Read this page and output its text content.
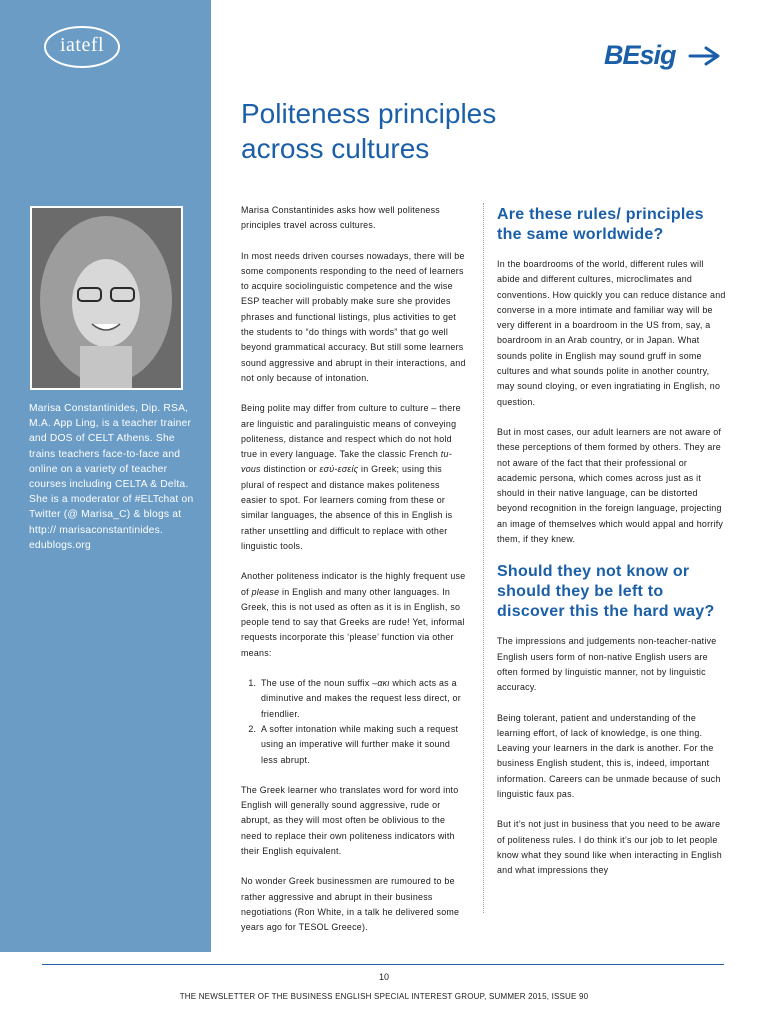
iatefl
Marisa Constantinides, Dip. RSA, M.A. App Ling, is a teacher trainer and DOS of CELT Athens. She trains teachers face-to-face and online on a variety of teacher courses including CELTA & Delta. She is a moderator of #ELTchat on Twitter (@ Marisa_C) & blogs at http:// marisaconstantinides. edublogs.org
BEsig
Politeness principles
across cultures

Marisa Constantinides asks how well politeness principles travel across cultures.

In most needs driven courses nowadays, there will be some components responding to the need of learners to acquire sociolinguistic competence and the wise ESP teacher will probably make sure she provides phrases and functional listings, plus activities to get the students to “do things with words” that go well beyond grammatical accuracy. But still some learners sound aggressive and abrupt in their interactions, and not only because of intonation.

Being polite may differ from culture to culture – there are linguistic and paralinguistic means of conveying politeness, distance and respect which do not hold true in every language. Take the classic French tu-vous distinction or εσύ-εσείς in Greek; using this plural of respect and distance makes politeness easier to spot. For learners coming from these or similar languages, the absence of this in English is rather unsettling and difficult to replace with other linguistic tools.

Another politeness indicator is the highly frequent use of please in English and many other languages. In Greek, this is not used as often as it is in English, so people tend to say that Greeks are rude! Yet, informal requests incorporate this ‘please’ function via other means:

1. The use of the noun suffix –ακι which acts as a diminutive and makes the request less direct, or friendlier.
2. A softer intonation while making such a request using an imperative will further make it sound less abrupt.

The Greek learner who translates word for word into English will generally sound aggressive, rude or abrupt, as they will most often be oblivious to the need to replace their own politeness indicators with their English equivalent.

No wonder Greek businessmen are rumoured to be rather aggressive and abrupt in their business negotiations (Ron White, in a talk he delivered some years ago for TESOL Greece).

Are these rules/ principles the same worldwide?

In the boardrooms of the world, different rules will abide and different cultures, microclimates and conventions. How quickly you can reduce distance and converse in a more intimate and familiar way will be very different in a boardroom in the US from, say, a boardroom in an Arab country, or in Japan. What sounds polite in English may sound gruff in some cultures and what sounds polite in another country, may sound cloying, or even ingratiating in English, no question.

But in most cases, our adult learners are not aware of these perceptions of them formed by others. They are not aware of the fact that their professional or academic persona, which comes across just as it should in their native language, can be distorted beyond recognition in the foreign language, projecting an image of themselves which would appal and horrify them, if they knew.

Should they not know or should they be left to discover this the hard way?

The impressions and judgements non-teacher-native English users form of non-native English users are often formed by linguistic manner, not by linguistic accuracy.

Being tolerant, patient and understanding of the learning effort, of lack of knowledge, is one thing. Leaving your learners in the dark is another. For the business English student, this is, indeed, important information. Careers can be unmade because of such linguistic faux pas.

But it’s not just in business that you need to be aware of politeness rules. I do think it’s our job to let people know what they sound like when interacting in English and what impressions they

10
THE NEWSLETTER OF THE BUSINESS ENGLISH SPECIAL INTEREST GROUP, SUMMER 2015, ISSUE 90
